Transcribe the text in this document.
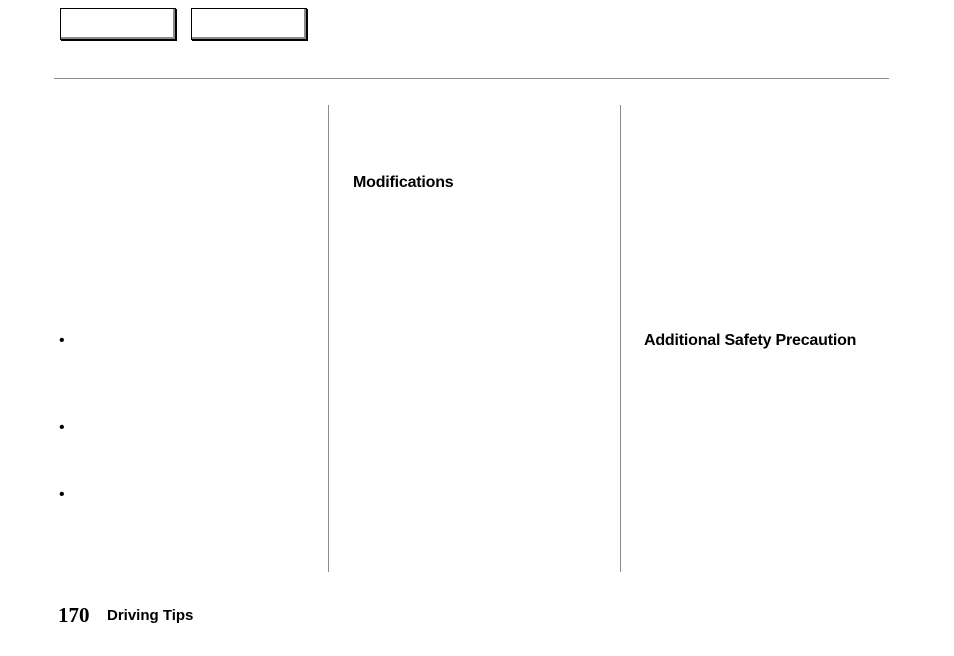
•
•
•
Modifications
Additional Safety Precaution
170 Driving Tips
